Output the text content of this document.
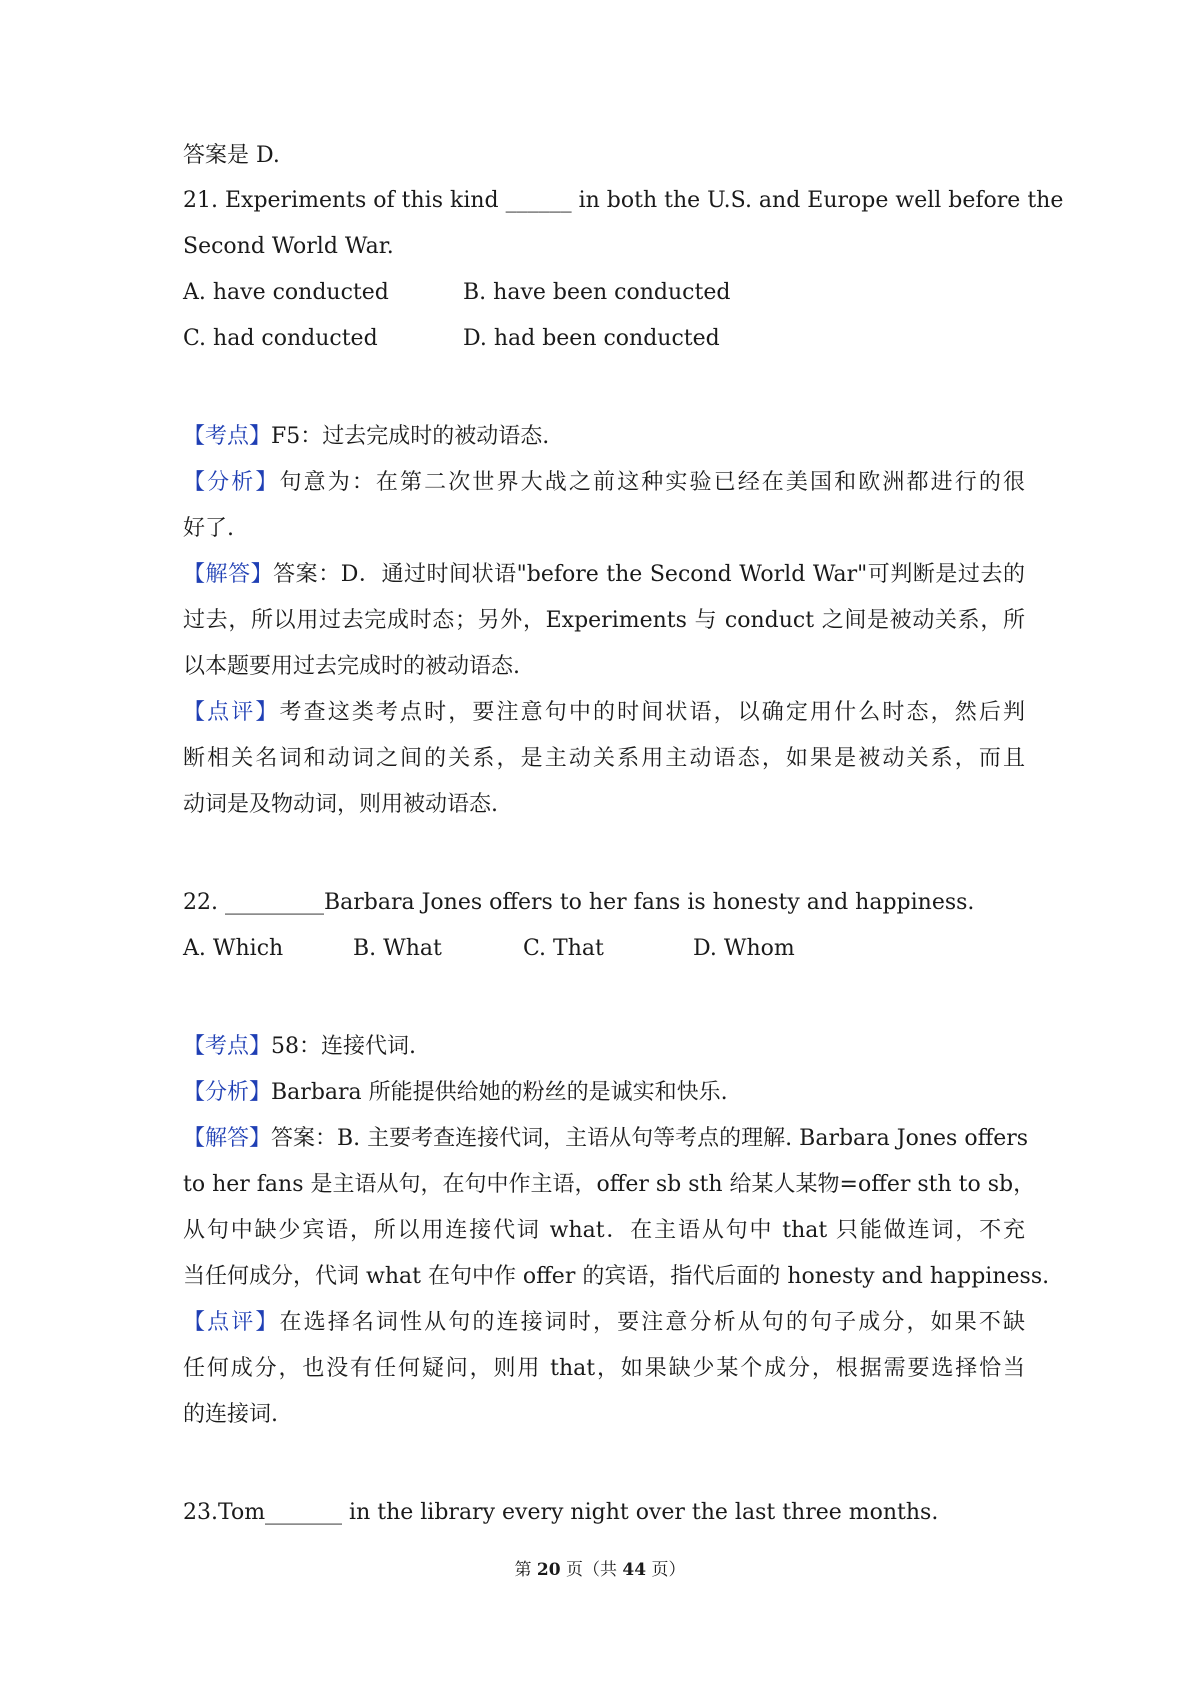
答案是 D.
21. Experiments of this kind ______ in both the U.S. and Europe well before the
Second World War.
A. have conducted	B. have been conducted
C. had conducted	D. had been conducted
【考点】F5：过去完成时的被动语态.
【分析】句意为：在第二次世界大战之前这种实验已经在美国和欧洲都进行的很
好了.
【解答】答案：D．通过时间状语"before the Second World War"可判断是过去的
过去，所以用过去完成时态；另外，Experiments 与 conduct 之间是被动关系，所
以本题要用过去完成时的被动语态.
【点评】考查这类考点时，要注意句中的时间状语，以确定用什么时态，然后判
断相关名词和动词之间的关系，是主动关系用主动语态，如果是被动关系，而且
动词是及物动词，则用被动语态.
22. _________Barbara Jones offers to her fans is honesty and happiness.
A. Which	B. What	C. That	D. Whom
【考点】58：连接代词.
【分析】Barbara 所能提供给她的粉丝的是诚实和快乐.
【解答】答案：B. 主要考查连接代词，主语从句等考点的理解. Barbara Jones offers
to her fans 是主语从句，在句中作主语，offer sb sth 给某人某物=offer sth to sb，
从句中缺少宾语，所以用连接代词 what．在主语从句中 that 只能做连词，不充
当任何成分，代词 what 在句中作 offer 的宾语，指代后面的 honesty and happiness.
【点评】在选择名词性从句的连接词时，要注意分析从句的句子成分，如果不缺
任何成分，也没有任何疑问，则用 that，如果缺少某个成分，根据需要选择恰当
的连接词.
23.Tom_______ in the library every night over the last three months.
第 20 页（共 44 页）
